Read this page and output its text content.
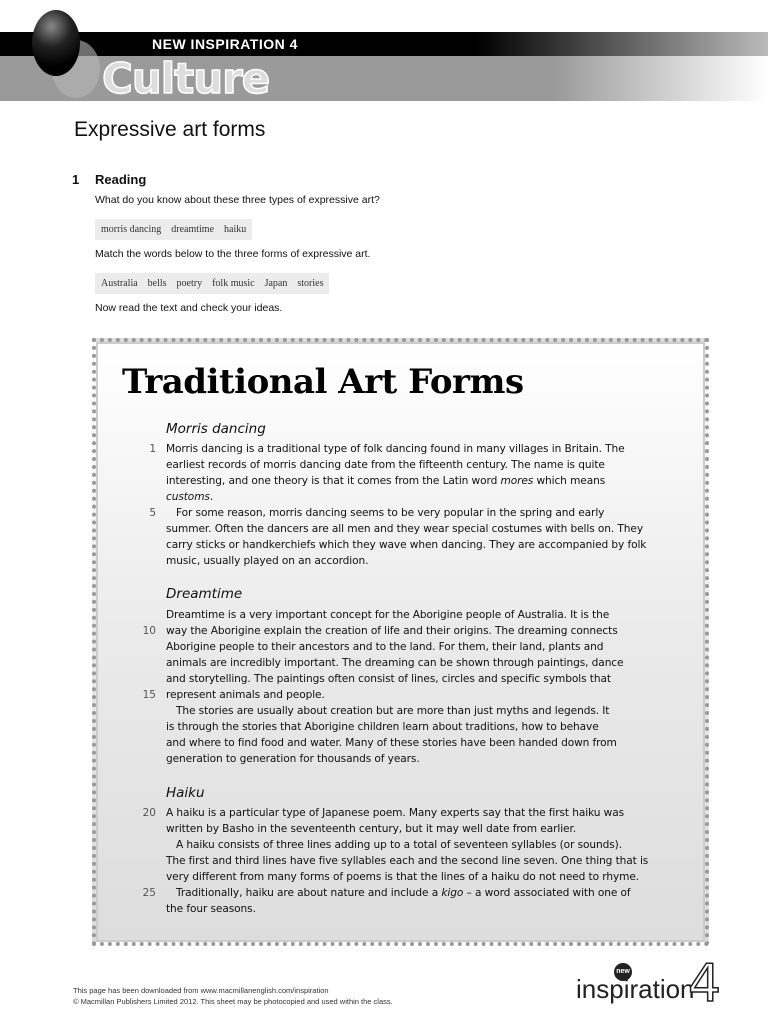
NEW INSPIRATION 4
Culture
Expressive art forms
1 Reading
What do you know about these three types of expressive art?
morris dancing dreamtime haiku
Match the words below to the three forms of expressive art.
Australia bells poetry folk music Japan stories
Now read the text and check your ideas.
Traditional Art Forms
Morris dancing
1 Morris dancing is a traditional type of folk dancing found in many villages in Britain. The
earliest records of morris dancing date from the fifteenth century. The name is quite
interesting, and one theory is that it comes from the Latin word mores which means
customs.
5	For some reason, morris dancing seems to be very popular in the spring and early
summer. Often the dancers are all men and they wear special costumes with bells on. They
carry sticks or handkerchiefs which they wave when dancing. They are accompanied by folk
music, usually played on an accordion.
Dreamtime
Dreamtime is a very important concept for the Aborigine people of Australia. It is the
10 way the Aborigine explain the creation of life and their origins. The dreaming connects
Aborigine people to their ancestors and to the land. For them, their land, plants and
animals are incredibly important. The dreaming can be shown through paintings, dance
and storytelling. The paintings often consist of lines, circles and specific symbols that
15 represent animals and people.
The stories are usually about creation but are more than just myths and legends. It
is through the stories that Aborigine children learn about traditions, how to behave
and where to find food and water. Many of these stories have been handed down from
generation to generation for thousands of years.
Haiku
20 A haiku is a particular type of Japanese poem. Many experts say that the first haiku was
written by Basho in the seventeenth century, but it may well date from earlier.
A haiku consists of three lines adding up to a total of seventeen syllables (or sounds).
The first and third lines have five syllables each and the second line seven. One thing that is
very different from many forms of poems is that the lines of a haiku do not need to rhyme.
25	Traditionally, haiku are about nature and include a kigo – a word associated with one of
the four seasons.
This page has been downloaded from www.macmillanenglish.com/inspiration
© Macmillan Publishers Limited 2012. This sheet may be photocopied and used within the class.
new
inspiration
4
